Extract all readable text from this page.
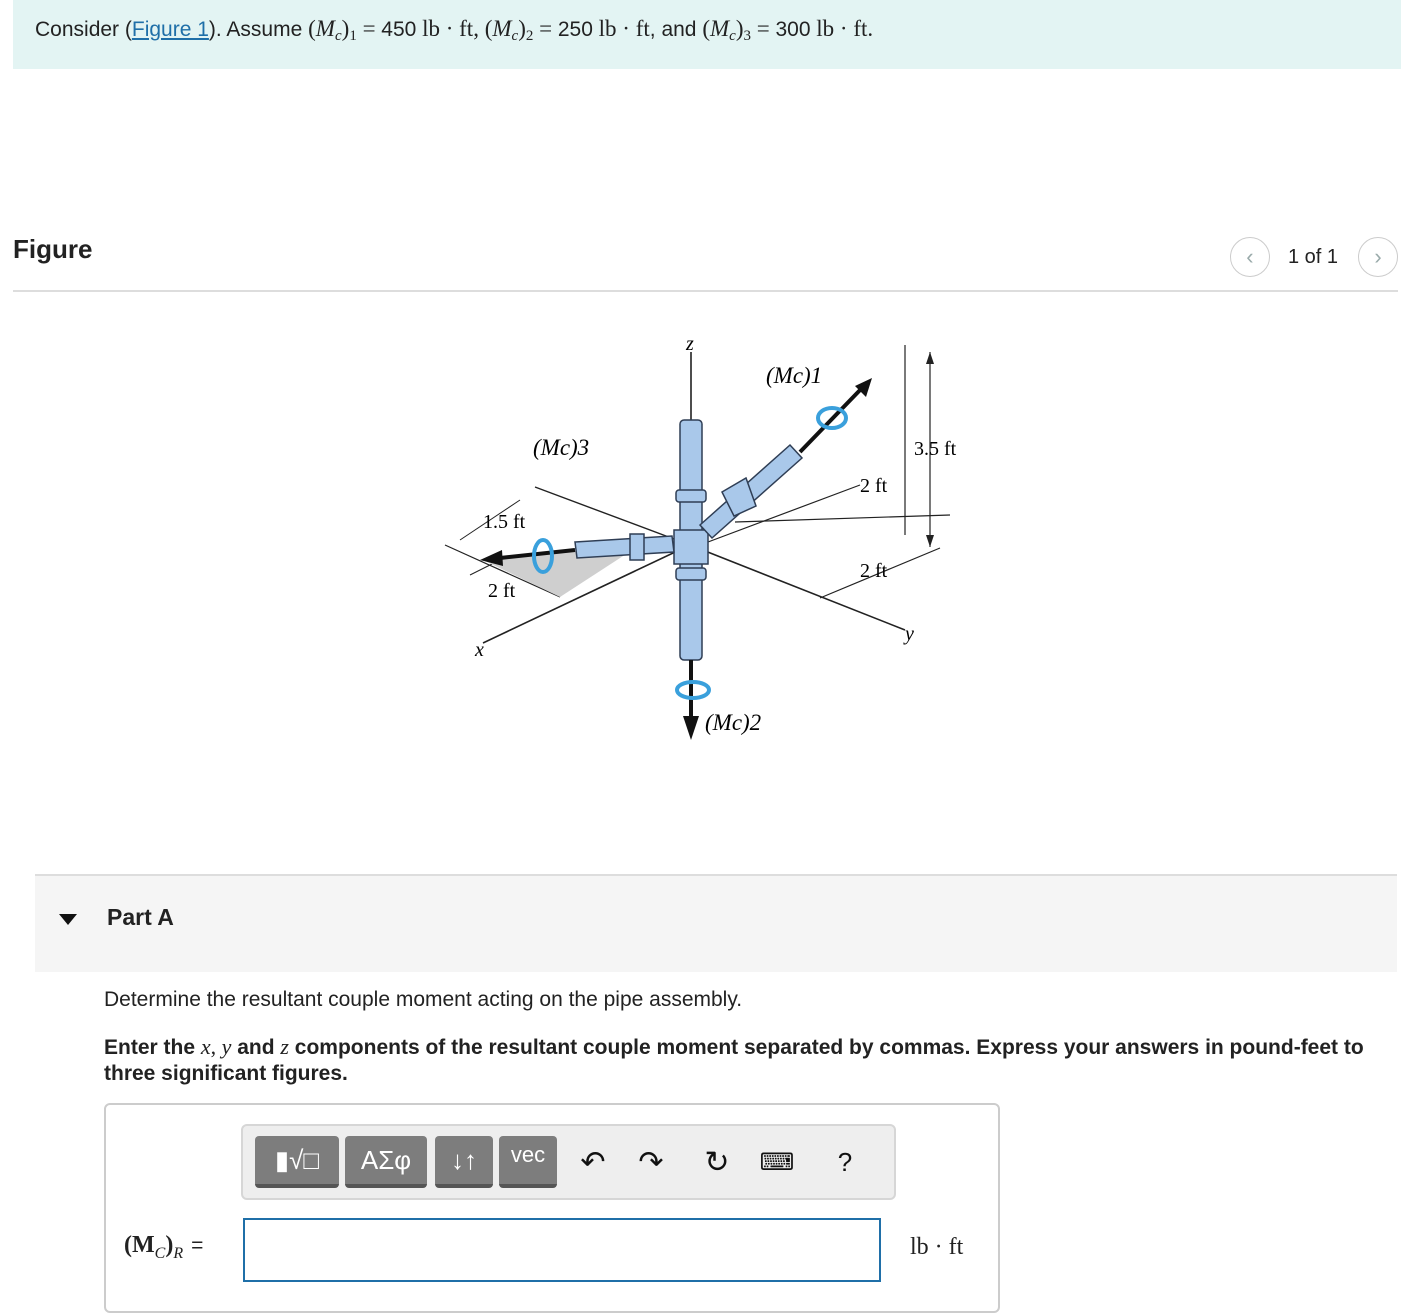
Consider (Figure 1). Assume $(M_c)_1 = 450$ lb · ft, $(M_c)_2 = 250$ lb · ft, and $(M_c)_3 = 300$ lb · ft.
Figure	‹ 1 of 1 ›
z
x
y
(Mc)1
(Mc)2
(Mc)3	3.5 ft
2 ft
2 ft
1.5 ft
2 ft
Part A
Determine the resultant couple moment acting on the pipe assembly.
Enter the x, y and z components of the resultant couple moment separated by commas. Express your answers in pound-feet to three significant figures.
▮√□ ΑΣφ ↓↑ vec	↶	↷	↻	⌨ ?
$(M_C)_R$ =	lb · ft
